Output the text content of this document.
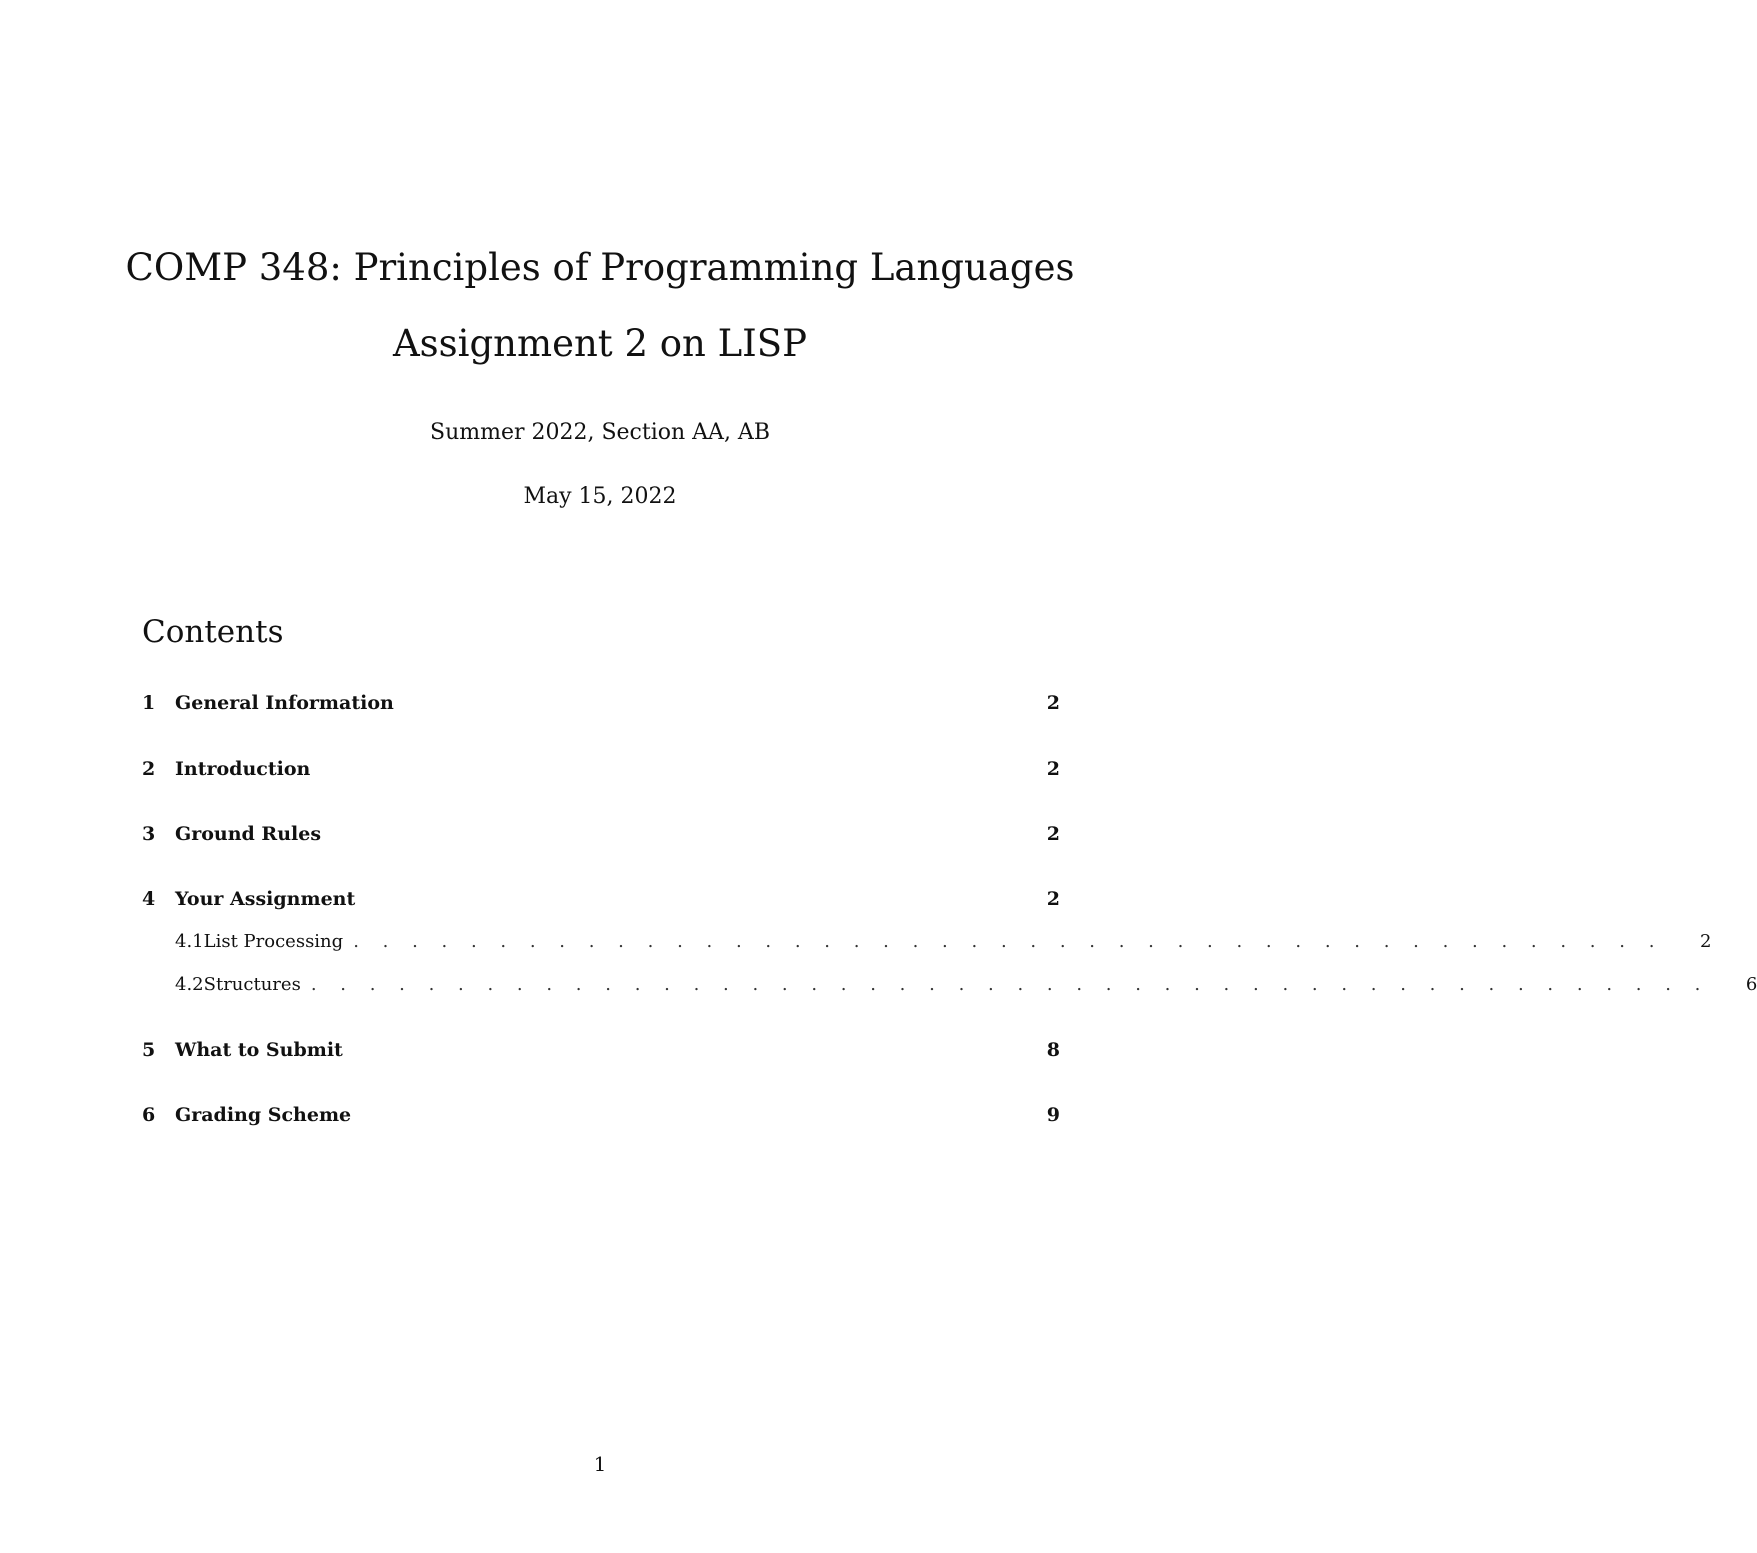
COMP 348: Principles of Programming Languages
Assignment 2 on LISP
Summer 2022, Section AA, AB
May 15, 2022
Contents
1	General Information	2
2	Introduction	2
3	Ground Rules	2
4	Your Assignment	2
4.1 List Processing . . . . . . . . . . . . . . . . . . . . . . . . . . . . . . . . . . . . . . . . . . . . .	2
4.2 Structures . . . . . . . . . . . . . . . . . . . . . . . . . . . . . . . . . . . . . . . . . . . . . . . .	6
5	What to Submit	8
6	Grading Scheme	9
1
